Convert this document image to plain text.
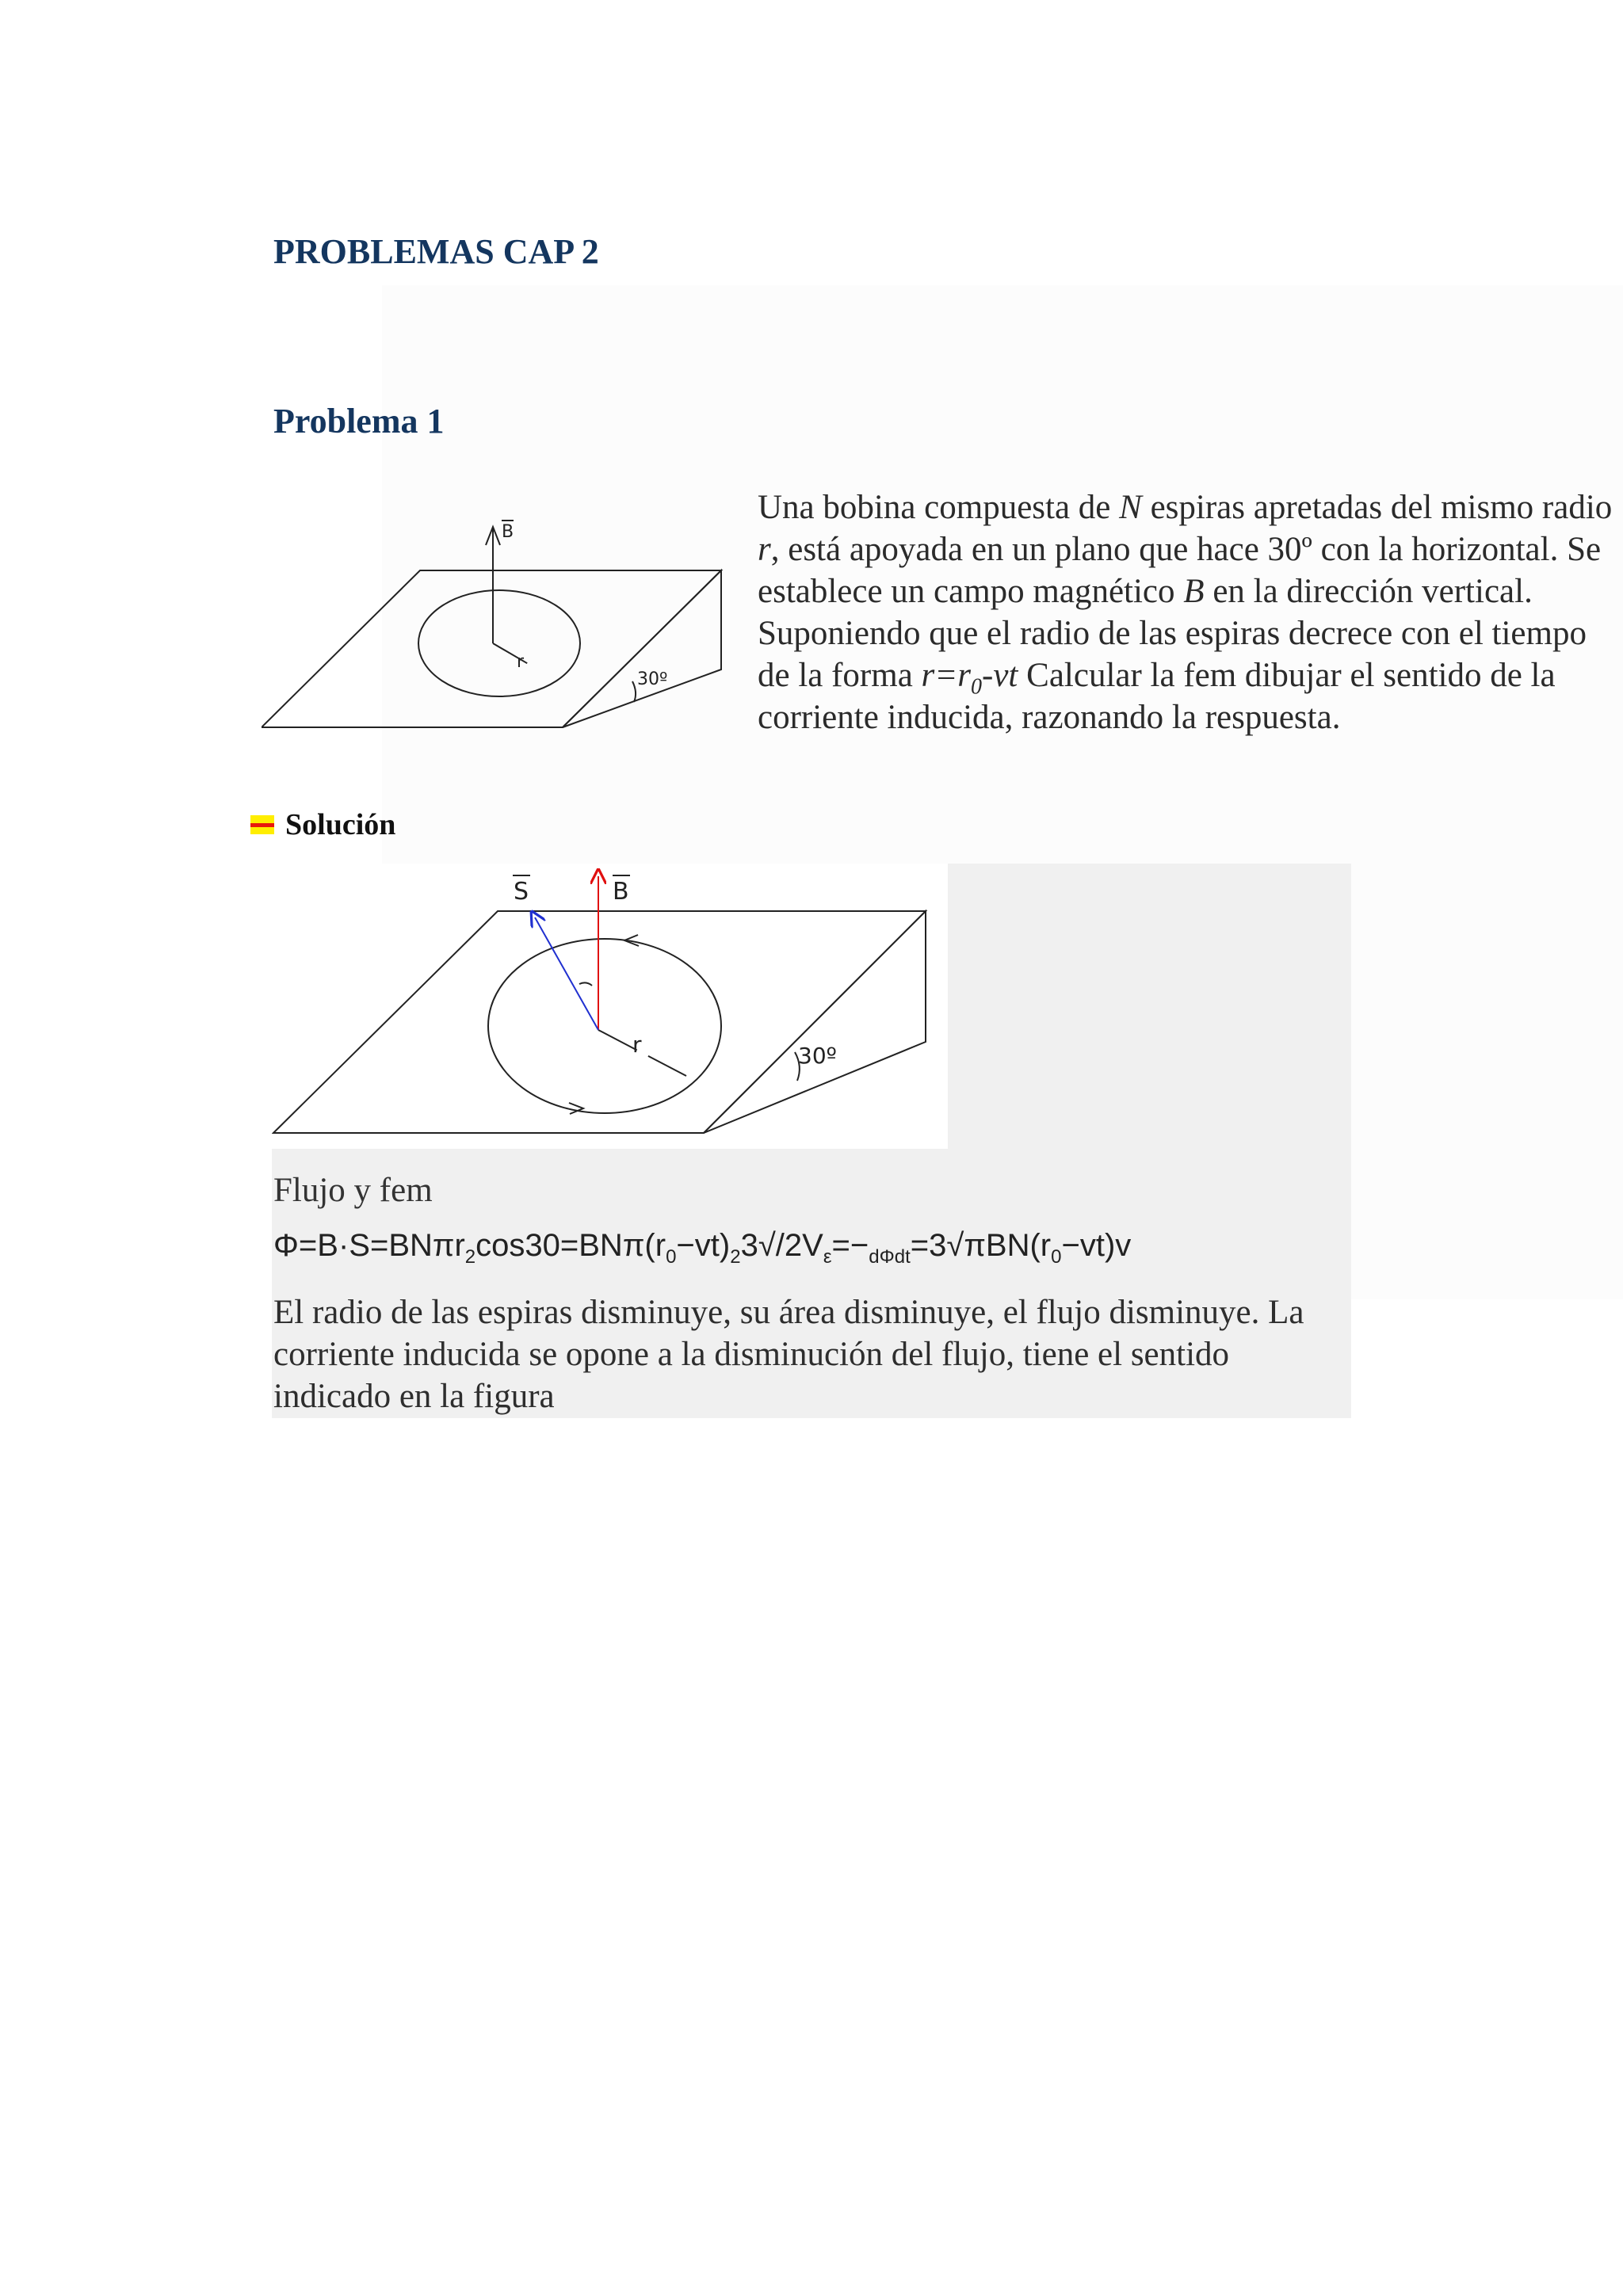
PROBLEMAS CAP 2
Problema 1
B
r
30º

Una bobina compuesta de N espiras apretadas del mismo radio r, está apoyada en un plano que hace 30º con la horizontal. Se establece un campo magnético B en la dirección vertical. Suponiendo que el radio de las espiras decrece con el tiempo de la forma $r=r_0-vt$ Calcular la fem dibujar el sentido de la corriente inducida, razonando la respuesta.

Solución
S	B
r	30º
Flujo y fem
$\Phi=B\cdot S=BN\pi r_2\cos 30=BN\pi(r_0-vt)_23√/2V_\varepsilon=-_{d\Phi dt}=3√\pi BN(r_0-vt)v$

El radio de las espiras disminuye, su área disminuye, el flujo disminuye. La corriente inducida se opone a la disminución del flujo, tiene el sentido indicado en la figura
